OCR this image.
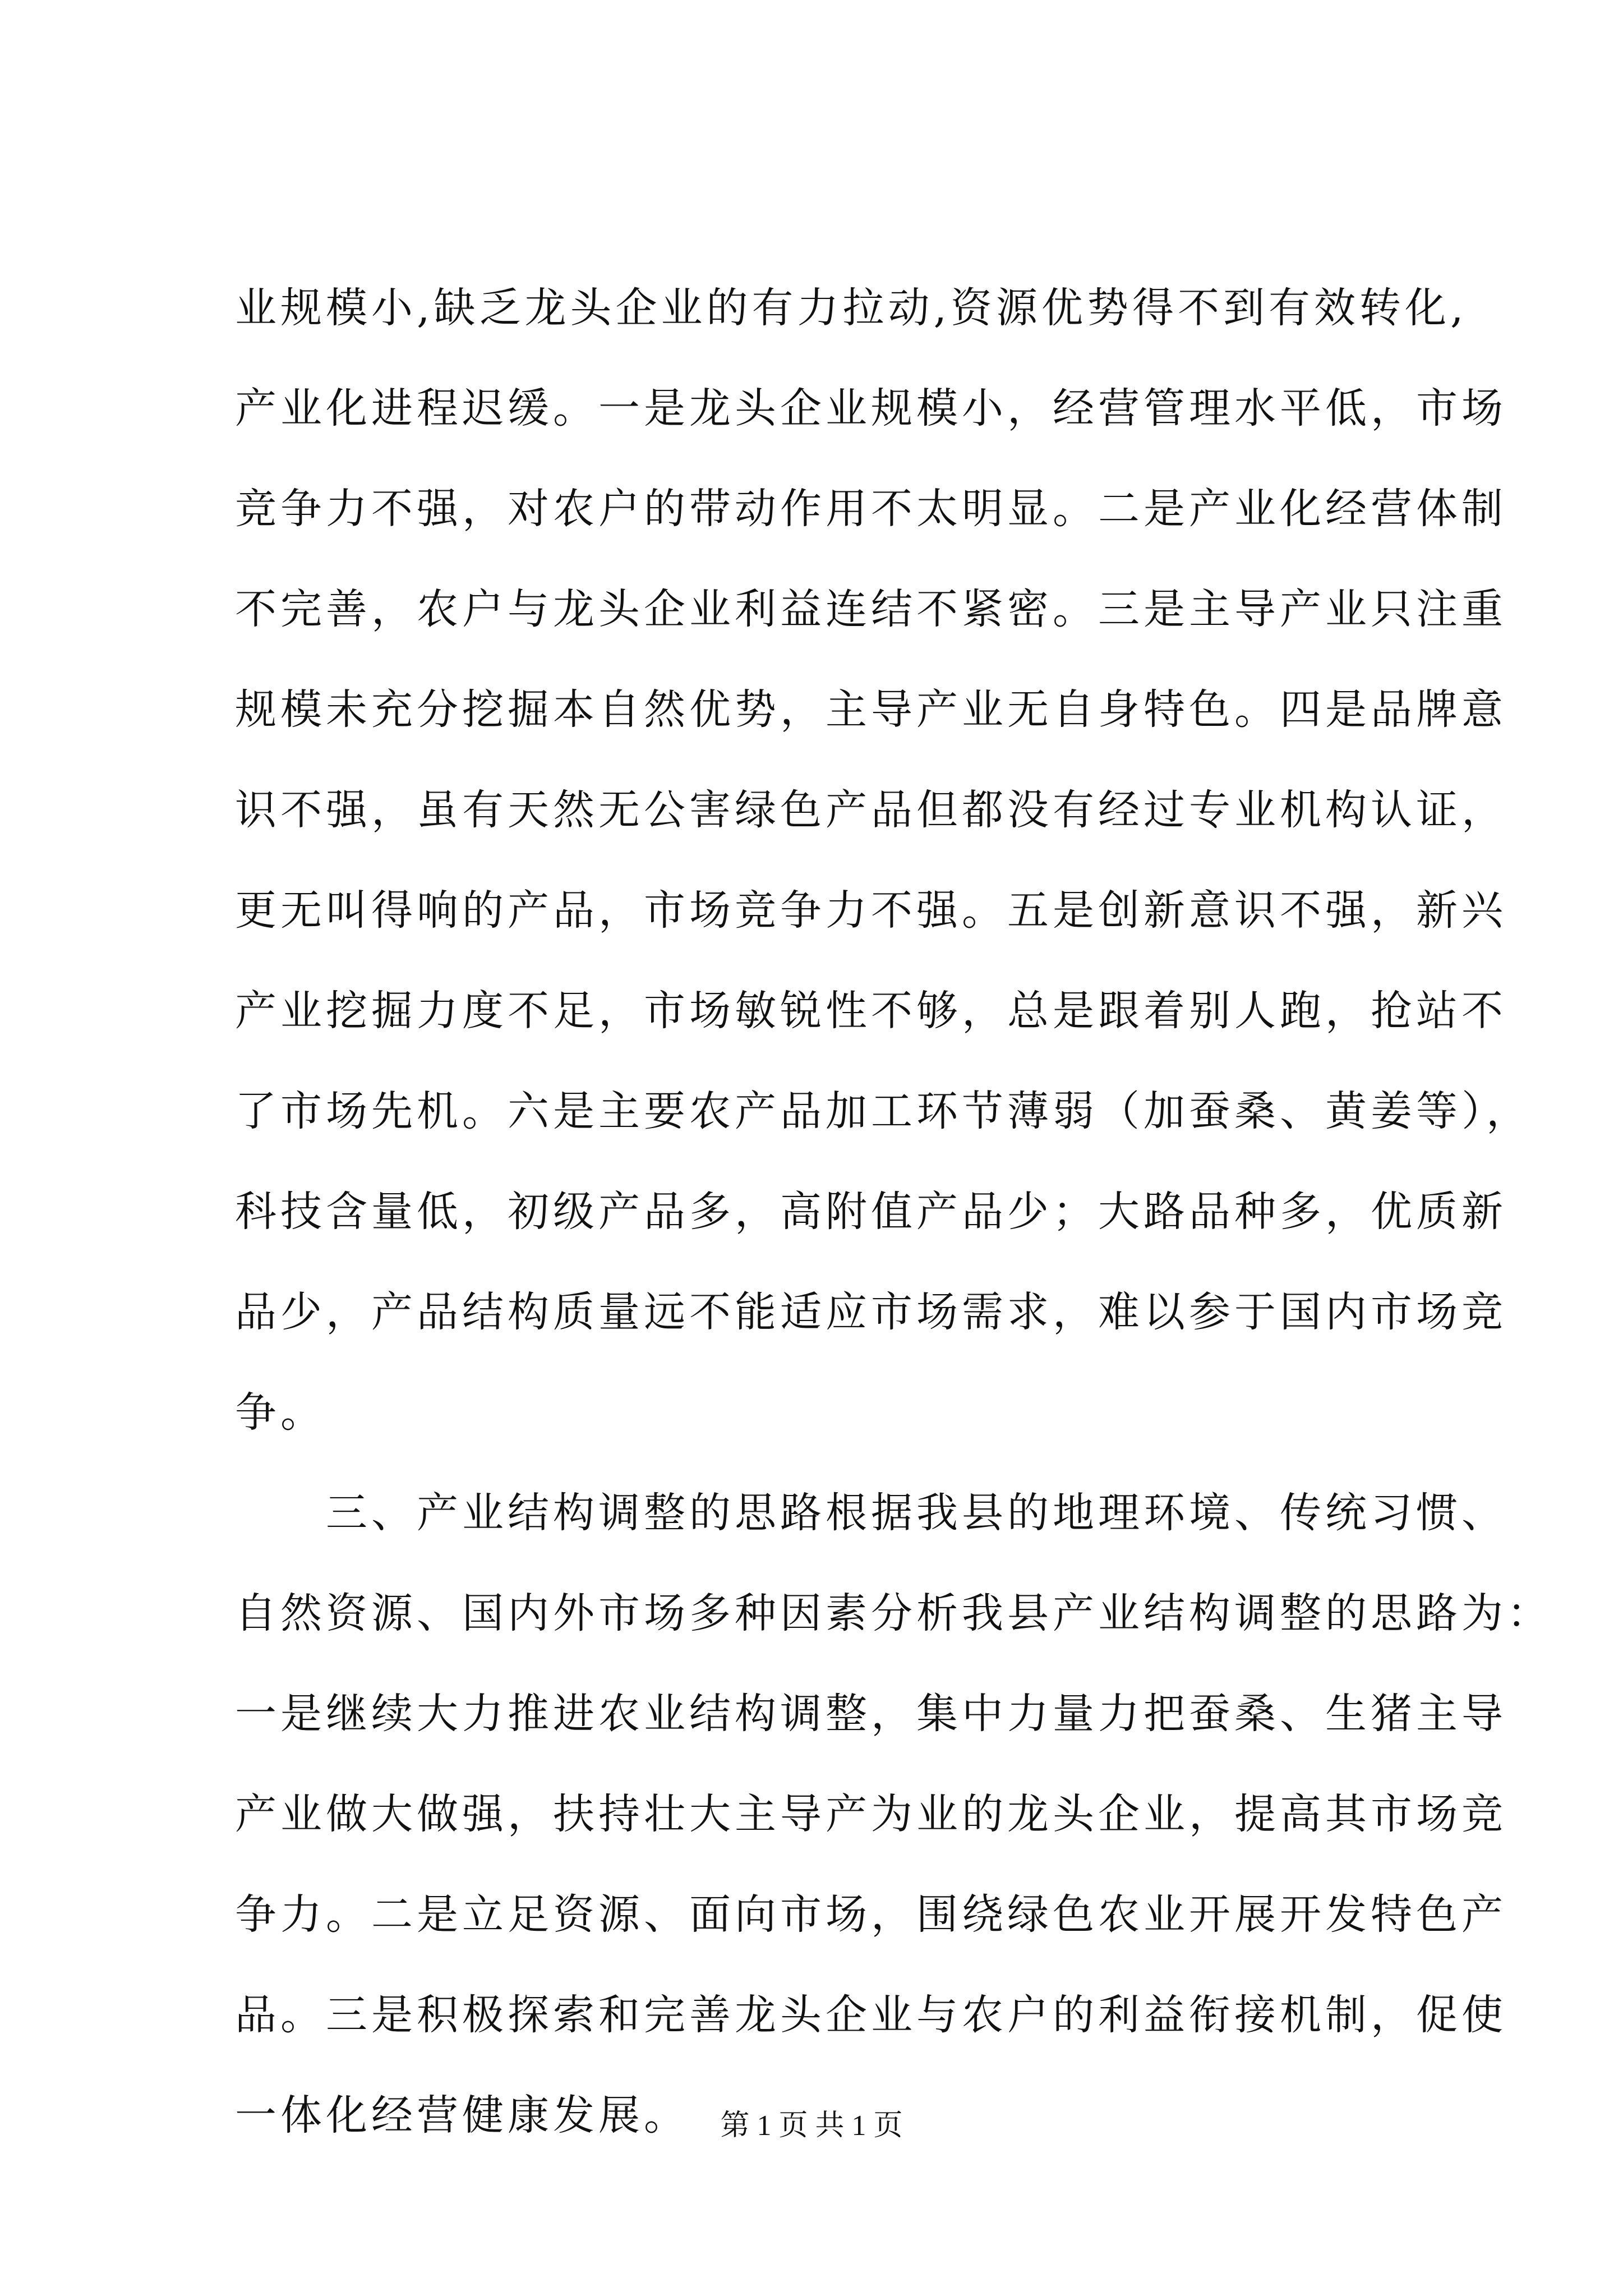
业规模小,缺乏龙头企业的有力拉动,资源优势得不到有效转化,
产业化进程迟缓。一是龙头企业规模小，经营管理水平低，市场
竞争力不强，对农户的带动作用不太明显。二是产业化经营体制
不完善，农户与龙头企业利益连结不紧密。三是主导产业只注重
规模未充分挖掘本自然优势，主导产业无自身特色。四是品牌意
识不强，虽有天然无公害绿色产品但都没有经过专业机构认证，
更无叫得响的产品，市场竞争力不强。五是创新意识不强，新兴
产业挖掘力度不足，市场敏锐性不够，总是跟着别人跑，抢站不
了市场先机。六是主要农产品加工环节薄弱（加蚕桑、黄姜等），
科技含量低，初级产品多，高附值产品少；大路品种多，优质新
品少，产品结构质量远不能适应市场需求，难以参于国内市场竞
争。
三、产业结构调整的思路根据我县的地理环境、传统习惯、
自然资源、国内外市场多种因素分析我县产业结构调整的思路为：
一是继续大力推进农业结构调整，集中力量力把蚕桑、生猪主导
产业做大做强，扶持壮大主导产为业的龙头企业，提高其市场竞
争力。二是立足资源、面向市场，围绕绿色农业开展开发特色产
品。三是积极探索和完善龙头企业与农户的利益衔接机制，促使
一体化经营健康发展。	第 1 页 共 1 页
